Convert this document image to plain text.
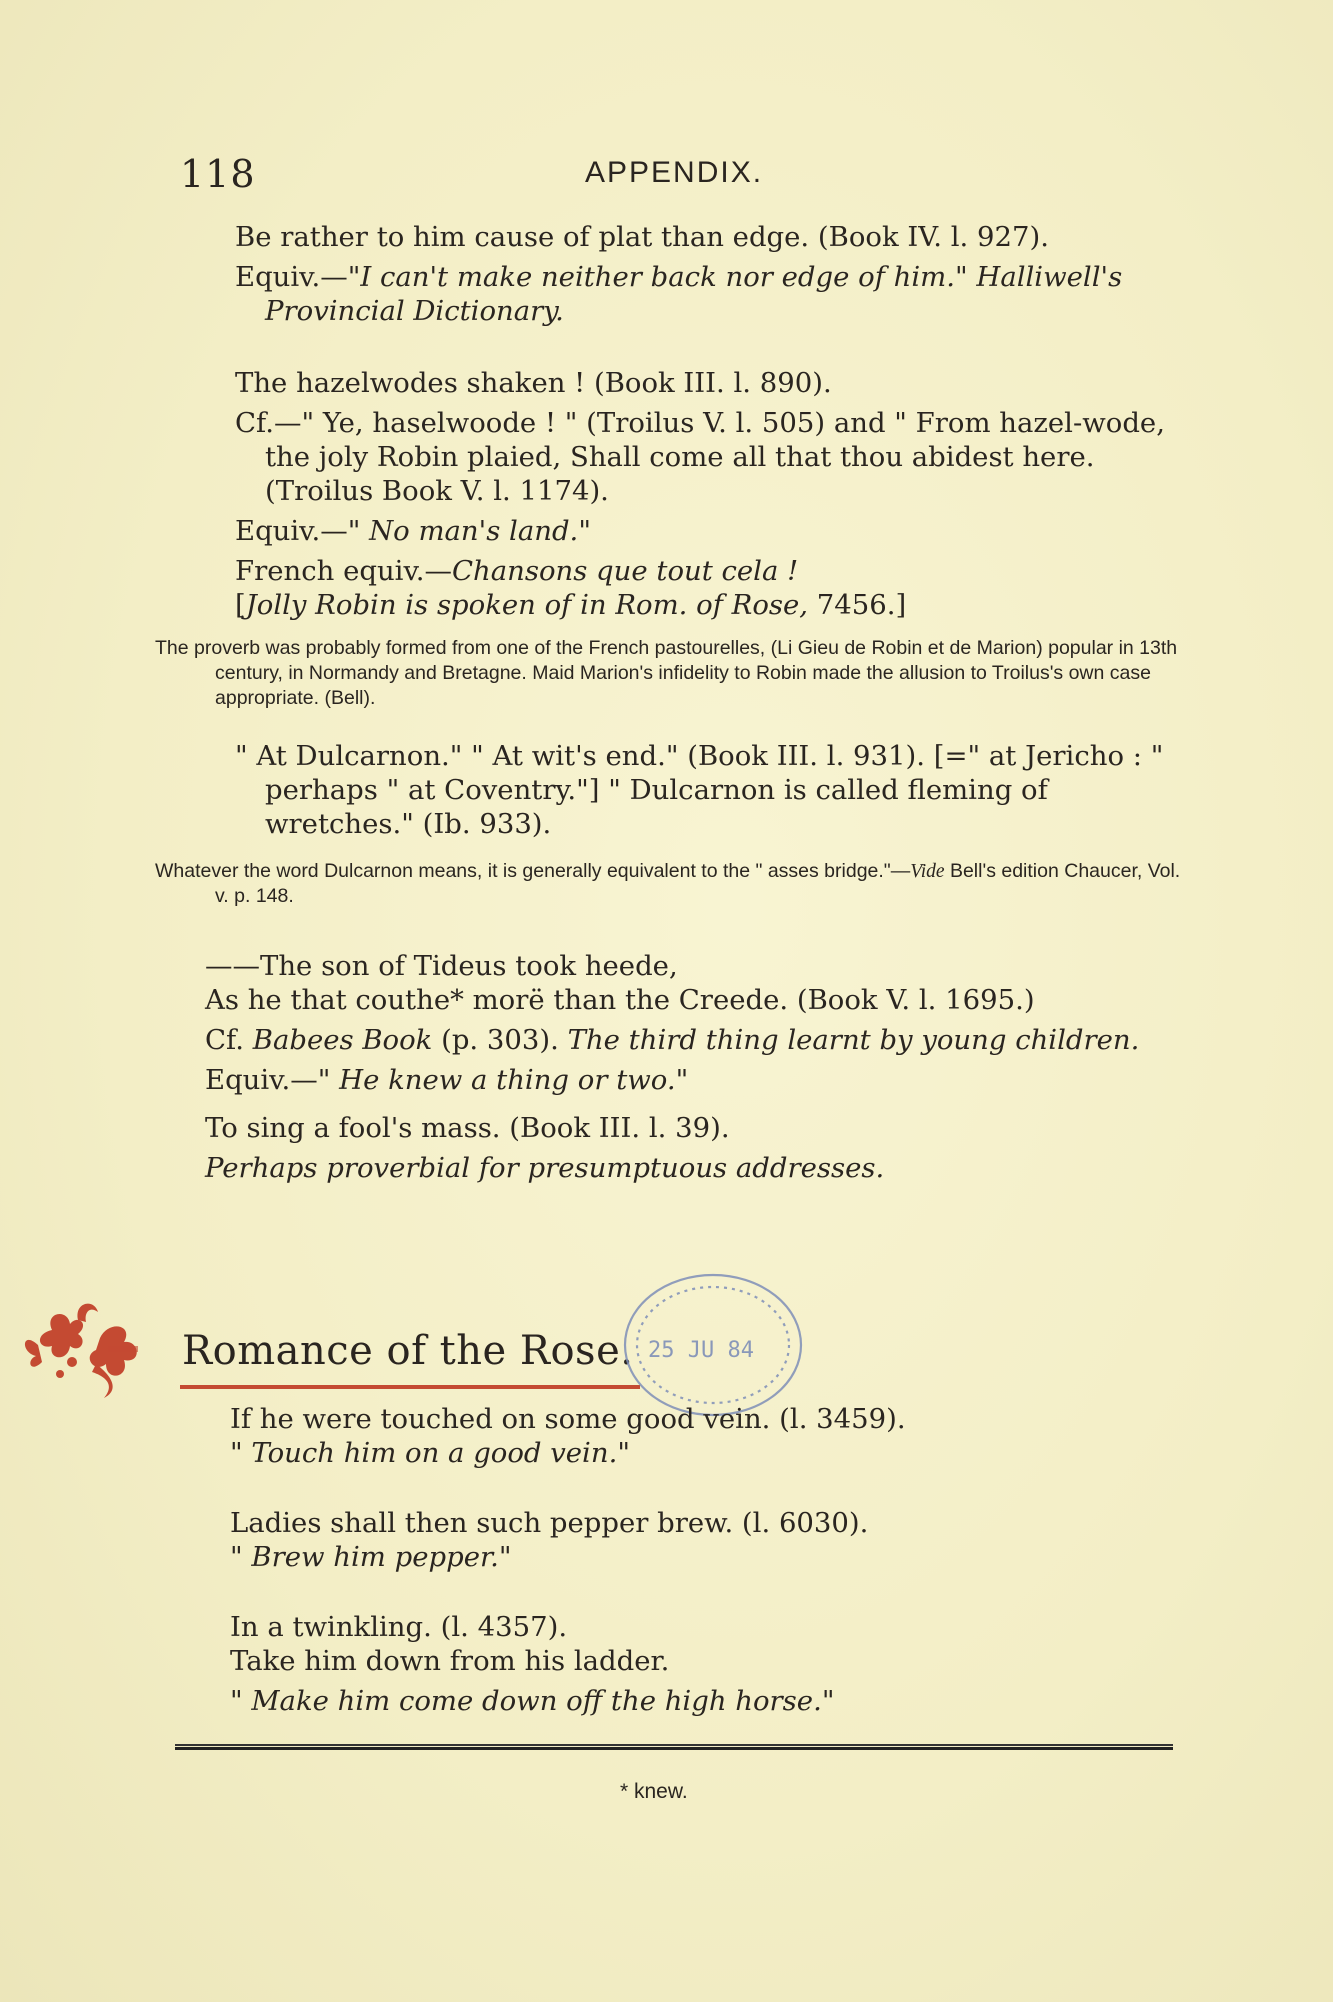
118	APPENDIX.
Be rather to him cause of plat than edge. (Book IV. l. 927).
Equiv.—"I can't make neither back nor edge of him." Halliwell's Provincial Dictionary.
The hazelwodes shaken ! (Book III. l. 890).
Cf.—" Ye, haselwoode ! " (Troilus V. l. 505) and " From hazel-wode, the joly Robin plaied, Shall come all that thou abidest here. (Troilus Book V. l. 1174).
Equiv.—" No man's land."
French equiv.—Chansons que tout cela !
[Jolly Robin is spoken of in Rom. of Rose, 7456.]
The proverb was probably formed from one of the French pastourelles, (Li Gieu de Robin et de Marion) popular in 13th century, in Normandy and Bretagne. Maid Marion's infidelity to Robin made the allusion to Troilus's own case appropriate. (Bell).
" At Dulcarnon." " At wit's end." (Book III. l. 931). [=" at Jericho : " perhaps " at Coventry."] " Dulcarnon is called fleming of wretches." (Ib. 933).
Whatever the word Dulcarnon means, it is generally equivalent to the " asses bridge."—Vide Bell's edition Chaucer, Vol. v. p. 148.
——The son of Tideus took heede,
As he that couthe* morë than the Creede. (Book V. l. 1695.)
Cf. Babees Book (p. 303). The third thing learnt by young children.
Equiv.—" He knew a thing or two."
To sing a fool's mass. (Book III. l. 39).
Perhaps proverbial for presumptuous addresses.
Romance of the Rose. 25 JU 84
If he were touched on some good vein. (l. 3459).
" Touch him on a good vein."
Ladies shall then such pepper brew. (l. 6030).
" Brew him pepper."
In a twinkling. (l. 4357).
Take him down from his ladder.
" Make him come down off the high horse."
* knew.
